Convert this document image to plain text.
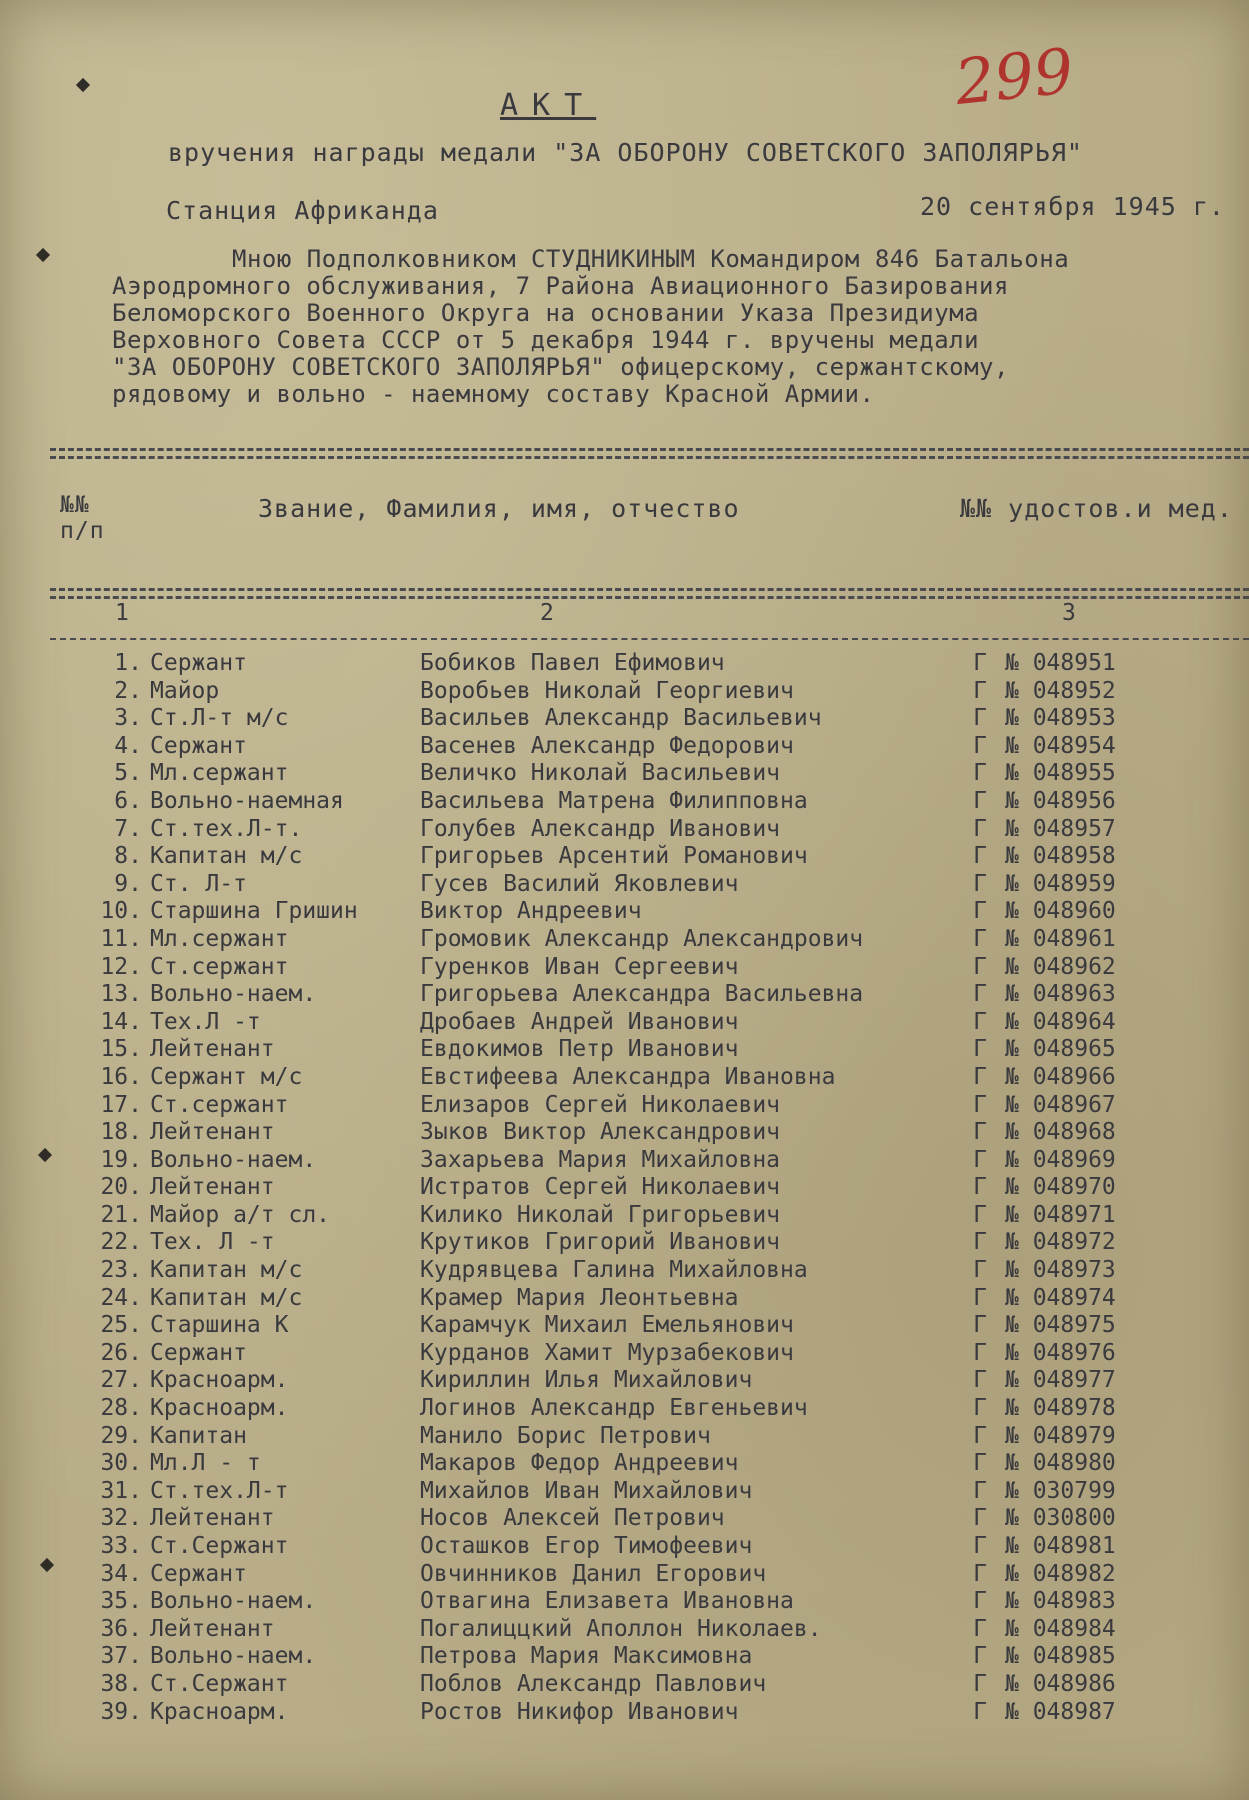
299
АКТ
вручения награды медали "ЗА ОБОРОНУ СОВЕТСКОГО ЗАПОЛЯРЬЯ"
Станция Африканда	20 сентября 1945 г.
Мною Подполковником СТУДНИКИНЫМ Командиром 846 Батальона
Аэродромного обслуживания, 7 Района Авиационного Базирования
Беломорского Военного Округа на основании Указа Президиума
Верховного Совета СССР от 5 декабря 1944 г. вручены медали
"ЗА ОБОРОНУ СОВЕТСКОГО ЗАПОЛЯРЬЯ" офицерскому, сержантскому,
рядовому и вольно - наемному составу Красной Армии.
№№
п/п
Звание, Фамилия, имя, отчество	№№ удостов.и мед.
1	2	3
1.	Сержант	Бобиков Павел Ефимович	Г	№ 048951
2.	Майор	Воробьев Николай Георгиевич	Г	№ 048952
3.	Ст.Л-т м/с	Васильев Александр Васильевич	Г	№ 048953
4.	Сержант	Васенев Александр Федорович	Г	№ 048954
5.	Мл.сержант	Величко Николай Васильевич	Г	№ 048955
6.	Вольно-наемная	Васильева Матрена Филипповна	Г	№ 048956
7.	Ст.тех.Л-т.	Голубев Александр Иванович	Г	№ 048957
8.	Капитан м/с	Григорьев Арсентий Романович	Г	№ 048958
9.	Ст. Л-т	Гусев Василий Яковлевич	Г	№ 048959
10.	Старшина Гришин	Виктор Андреевич	Г	№ 048960
11.	Мл.сержант	Громовик Александр Александрович	Г	№ 048961
12.	Ст.сержант	Гуренков Иван Сергеевич	Г	№ 048962
13.	Вольно-наем.	Григорьева Александра Васильевна	Г	№ 048963
14.	Тех.Л -т	Дробаев Андрей Иванович	Г	№ 048964
15.	Лейтенант	Евдокимов Петр Иванович	Г	№ 048965
16.	Сержант м/с	Евстифеева Александра Ивановна	Г	№ 048966
17.	Ст.сержант	Елизаров Сергей Николаевич	Г	№ 048967
18.	Лейтенант	Зыков Виктор Александрович	Г	№ 048968
19.	Вольно-наем.	Захарьева Мария Михайловна	Г	№ 048969
20.	Лейтенант	Истратов Сергей Николаевич	Г	№ 048970
21.	Майор а/т сл.	Килико Николай Григорьевич	Г	№ 048971
22.	Тех. Л -т	Крутиков Григорий Иванович	Г	№ 048972
23.	Капитан м/с	Кудрявцева Галина Михайловна	Г	№ 048973
24.	Капитан м/с	Крамер Мария Леонтьевна	Г	№ 048974
25.	Старшина К	Карамчук Михаил Емельянович	Г	№ 048975
26.	Сержант	Курданов Хамит Мурзабекович	Г	№ 048976
27.	Красноарм.	Кириллин Илья Михайлович	Г	№ 048977
28.	Красноарм.	Логинов Александр Евгеньевич	Г	№ 048978
29.	Капитан	Манило Борис Петрович	Г	№ 048979
30.	Мл.Л - т	Макаров Федор Андреевич	Г	№ 048980
31.	Ст.тех.Л-т	Михайлов Иван Михайлович	Г	№ 030799
32.	Лейтенант	Носов Алексей Петрович	Г	№ 030800
33.	Ст.Сержант	Осташков Егор Тимофеевич	Г	№ 048981
34.	Сержант	Овчинников Данил Егорович	Г	№ 048982
35.	Вольно-наем.	Отвагина Елизавета Ивановна	Г	№ 048983
36.	Лейтенант	Погалиццкий Аполлон Николаев.	Г	№ 048984
37.	Вольно-наем.	Петрова Мария Максимовна	Г	№ 048985
38.	Ст.Сержант	Поблов Александр Павлович	Г	№ 048986
39.	Красноарм.	Ростов Никифор Иванович	Г	№ 048987
